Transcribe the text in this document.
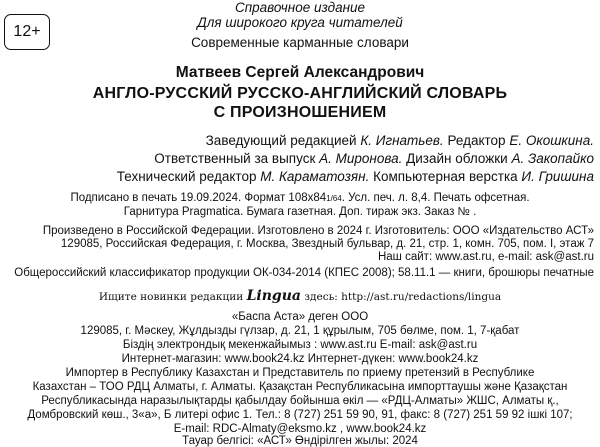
12+
Справочное издание
Для широкого круга читателей
Современные карманные словари
Матвеев Сергей Александрович
АНГЛО-РУССКИЙ РУССКО-АНГЛИЙСКИЙ СЛОВАРЬ
С ПРОИЗНОШЕНИЕМ
Заведующий редакцией К. Игнатьев. Редактор Е. Окошкина.
Ответственный за выпуск А. Миронова. Дизайн обложки А. Закопайко
Технический редактор М. Караматозян. Компьютерная верстка И. Гришина
Подписано в печать 19.09.2024. Формат 108х841/64. Усл. печ. л. 8,4. Печать офсетная.
Гарнитура Pragmatica. Бумага газетная. Доп. тираж экз. Заказ № .
Произведено в Российской Федерации. Изготовлено в 2024 г. Изготовитель: ООО «Издательство АСТ»
129085, Российская Федерация, г. Москва, Звездный бульвар, д. 21, стр. 1, комн. 705, пом. I, этаж 7
Наш сайт: www.ast.ru, e-mail: ask@ast.ru
Общероссийский классификатор продукции ОК-034-2014 (КПЕС 2008); 58.11.1 — книги, брошюры печатные
Ищите новинки редакции Lingua здесь: http://ast.ru/redactions/lingua
«Баспа Аста» деген ООО
129085, г. Мәскеу, Жұлдызды гүлзар, д. 21, 1 құрылым, 705 бөлме, пом. 1, 7-қабат
Біздің электрондық мекенжайымыз : www.ast.ru E-mail: ask@ast.ru
Интернет-магазин: www.book24.kz Интернет-дүкен: www.book24.kz
Импортер в Республику Казахстан и Представитель по приему претензий в Республике
Казахстан – ТОО РДЦ Алматы, г. Алматы. Қазақстан Республикасына импорттаушы және Қазақстан
Республикасында наразылықтарды қабылдау бойынша өкіл — «РДЦ-Алматы» ЖШС, Алматы қ.,
Домбровский көш., 3«а», Б литері офис 1. Тел.: 8 (727) 251 59 90, 91, факс: 8 (727) 251 59 92 ішкі 107;
E-mail: RDC-Almaty@eksmo.kz , www.book24.kz
Тауар белгісі: «АСТ» Өндірілген жылы: 2024
